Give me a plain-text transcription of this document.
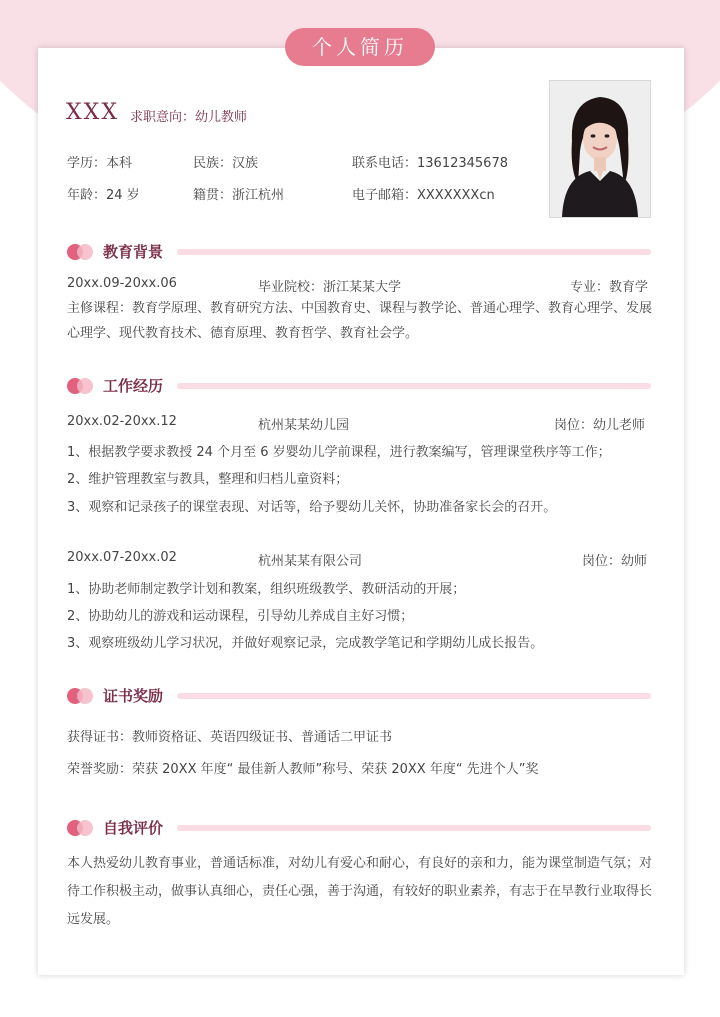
个人简历
XXX 求职意向：幼儿教师
学历：本科	民族：汉族	联系电话：13612345678
年龄：24 岁	籍贯：浙江杭州	电子邮箱：XXXXXXXcn
教育背景
20xx.09-20xx.06	毕业院校：浙江某某大学	专业：教育学
主修课程：教育学原理、教育研究方法、中国教育史、课程与教学论、普通心理学、教育心理学、发展心理学、现代教育技术、德育原理、教育哲学、教育社会学。
工作经历
20xx.02-20xx.12	杭州某某幼儿园	岗位：幼儿老师
1、根据教学要求教授 24 个月至 6 岁婴幼儿学前课程，进行教案编写，管理课堂秩序等工作；
2、维护管理教室与教具，整理和归档儿童资料；
3、观察和记录孩子的课堂表现、对话等，给予婴幼儿关怀，协助准备家长会的召开。
20xx.07-20xx.02	杭州某某有限公司	岗位：幼师
1、协助老师制定教学计划和教案，组织班级教学、教研活动的开展；
2、协助幼儿的游戏和运动课程，引导幼儿养成自主好习惯；
3、观察班级幼儿学习状况，并做好观察记录，完成教学笔记和学期幼儿成长报告。
证书奖励
获得证书：教师资格证、英语四级证书、普通话二甲证书
荣誉奖励：荣获 20XX 年度“ 最佳新人教师”称号、荣获 20XX 年度“ 先进个人”奖
自我评价
本人热爱幼儿教育事业，普通话标准，对幼儿有爱心和耐心，有良好的亲和力，能为课堂制造气氛；对待工作积极主动，做事认真细心，责任心强，善于沟通，有较好的职业素养，有志于在早教行业取得长远发展。
